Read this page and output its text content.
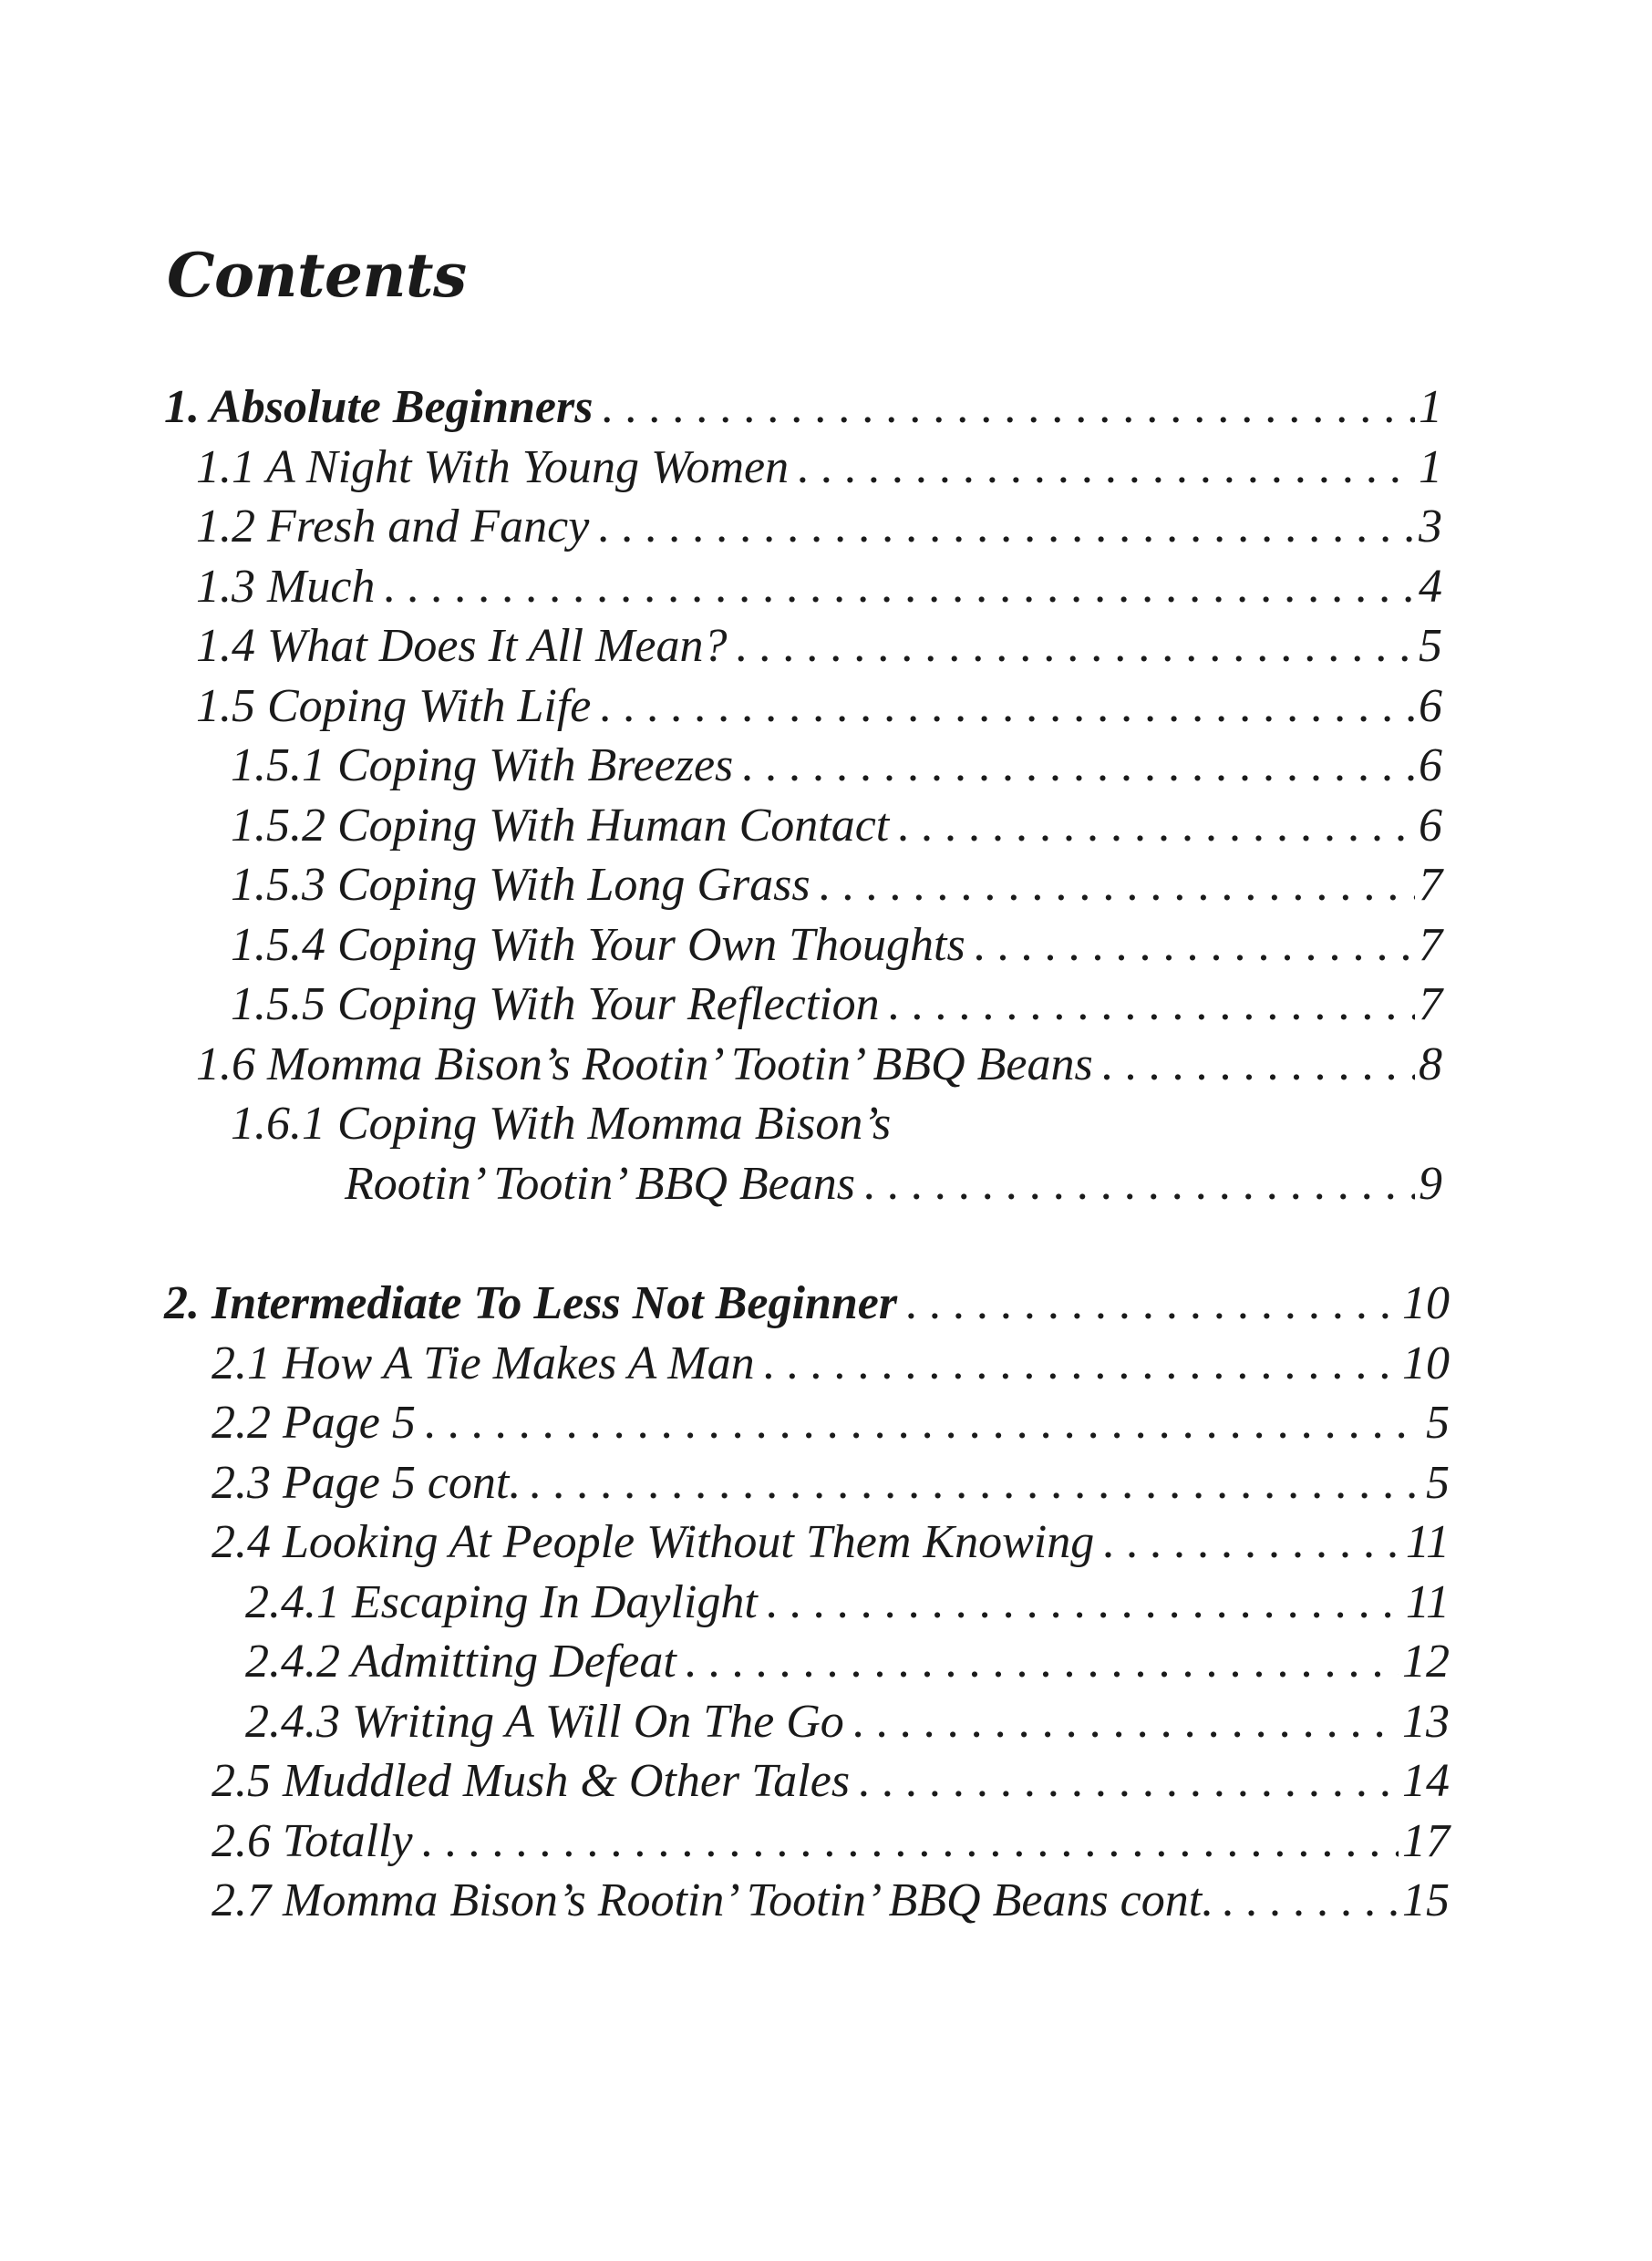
Contents
1. Absolute Beginners . . .	1
1.1 A Night With Young Women . . .	1
1.2 Fresh and Fancy . . .	3
1.3 Much . . .	4
1.4 What Does It All Mean? . . .	5
1.5 Coping With Life . . .	6
1.5.1 Coping With Breezes . . .	6
1.5.2 Coping With Human Contact . . .	6
1.5.3 Coping With Long Grass . . .	7
1.5.4 Coping With Your Own Thoughts . . .	7
1.5.5 Coping With Your Reflection . . .	7
1.6 Momma Bison’s Rootin’ Tootin’ BBQ Beans . . .	8
1.6.1 Coping With Momma Bison’s
Rootin’ Tootin’ BBQ Beans . . .	9
2. Intermediate To Less Not Beginner . . .	10
2.1 How A Tie Makes A Man . . .	10
2.2 Page 5 . . .	5
2.3 Page 5 cont. . . .	5
2.4 Looking At People Without Them Knowing . . .	11
2.4.1 Escaping In Daylight . . .	11
2.4.2 Admitting Defeat . . .	12
2.4.3 Writing A Will On The Go . . .	13
2.5 Muddled Mush & Other Tales . . .	14
2.6 Totally . . .	17
2.7 Momma Bison’s Rootin’ Tootin’ BBQ Beans cont. . . .	15
